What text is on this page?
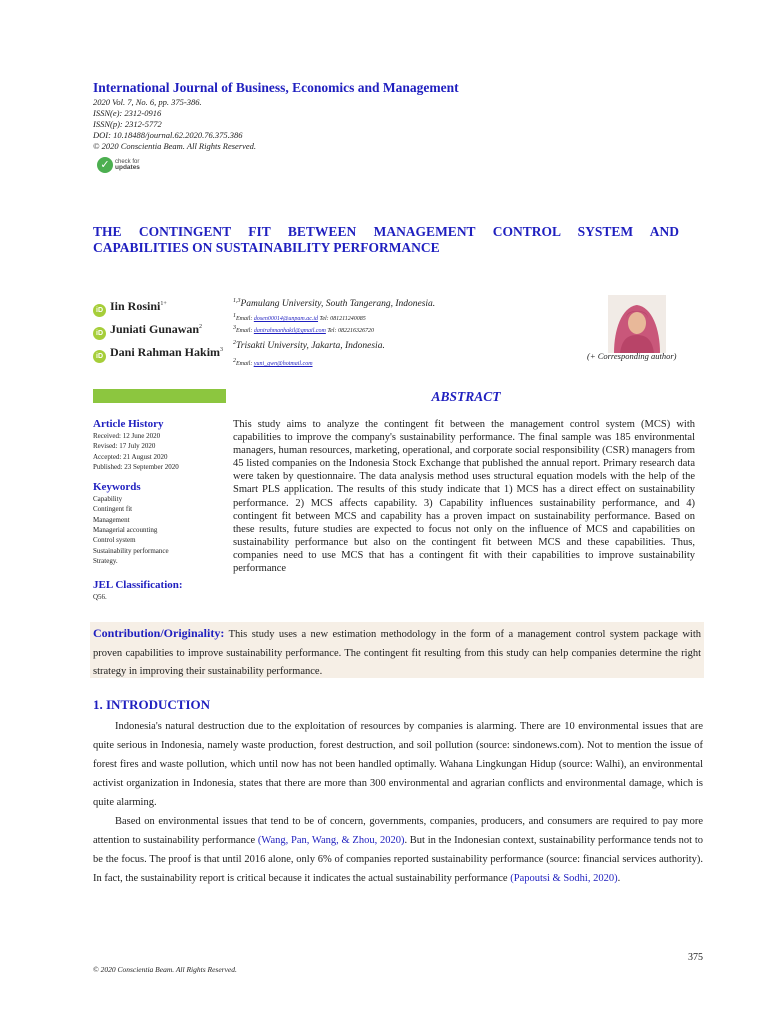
International Journal of Business, Economics and Management
2020 Vol. 7, No. 6, pp. 375-386.
ISSN(e): 2312-0916
ISSN(p): 2312-5772
DOI: 10.18488/journal.62.2020.76.375.386
© 2020 Conscientia Beam. All Rights Reserved.
✓ check for
updates
THE CONTINGENT FIT BETWEEN MANAGEMENT CONTROL SYSTEM AND CAPABILITIES ON SUSTAINABILITY PERFORMANCE
iD Iin Rosini$^{1+}$
iD Juniati Gunawan$^2$
iD Dani Rahman Hakim$^3$
$^{1,3}$Pamulang University, South Tangerang, Indonesia.
$^1$Email: dosen00014@unpam.ac.id Tel: 081211240085
$^3$Email: danirahmanhakil@gmail.com Tel: 082216326720
$^2$Trisakti University, Jakarta, Indonesia.
$^2$Email: yuni_gwn@hotmail.com
(+ Corresponding author)
ABSTRACT
Article History
Received: 12 June 2020
Revised: 17 July 2020
Accepted: 21 August 2020
Published: 23 September 2020
Keywords
Capability
Contingent fit
Management
Managerial accounting
Control system
Sustainability performance
Strategy.
JEL Classification:
Q56.
This study aims to analyze the contingent fit between the management control system (MCS) with capabilities to improve the company's sustainability performance. The final sample was 185 environmental managers, human resources, marketing, operational, and corporate social responsibility (CSR) managers from 45 listed companies on the Indonesia Stock Exchange that published the annual report. Primary research data were taken by questionnaire. The data analysis method uses structural equation models with the help of the Smart PLS application. The results of this study indicate that 1) MCS has a direct effect on sustainability performance. 2) MCS affects capability. 3) Capability influences sustainability performance, and 4) contingent fit between MCS and capability has a proven impact on sustainability performance. Based on these results, future studies are expected to focus not only on the influence of MCS and capabilities on sustainability performance but also on the contingent fit between MCS and these capabilities. Thus, companies need to use MCS that has a contingent fit with their capabilities to improve sustainability performance
Contribution/Originality: This study uses a new estimation methodology in the form of a management control system package with proven capabilities to improve sustainability performance. The contingent fit resulting from this study can help companies determine the right strategy in improving their sustainability performance.
1. INTRODUCTION

Indonesia's natural destruction due to the exploitation of resources by companies is alarming. There are 10 environmental issues that are quite serious in Indonesia, namely waste production, forest destruction, and soil pollution (source: sindonews.com). Not to mention the issue of forest fires and waste pollution, which until now has not been handled optimally. Wahana Lingkungan Hidup (source: Walhi), an environmental activist organization in Indonesia, states that there are more than 300 environmental and agrarian conflicts and environmental damage, which is quite alarming.

Based on environmental issues that tend to be of concern, governments, companies, producers, and consumers are required to pay more attention to sustainability performance (Wang, Pan, Wang, & Zhou, 2020). But in the Indonesian context, sustainability performance tends not to be the focus. The proof is that until 2016 alone, only 6% of companies reported sustainability performance (source: financial services authority). In fact, the sustainability report is critical because it indicates the actual sustainability performance (Papoutsi & Sodhi, 2020).

375
© 2020 Conscientia Beam. All Rights Reserved.
